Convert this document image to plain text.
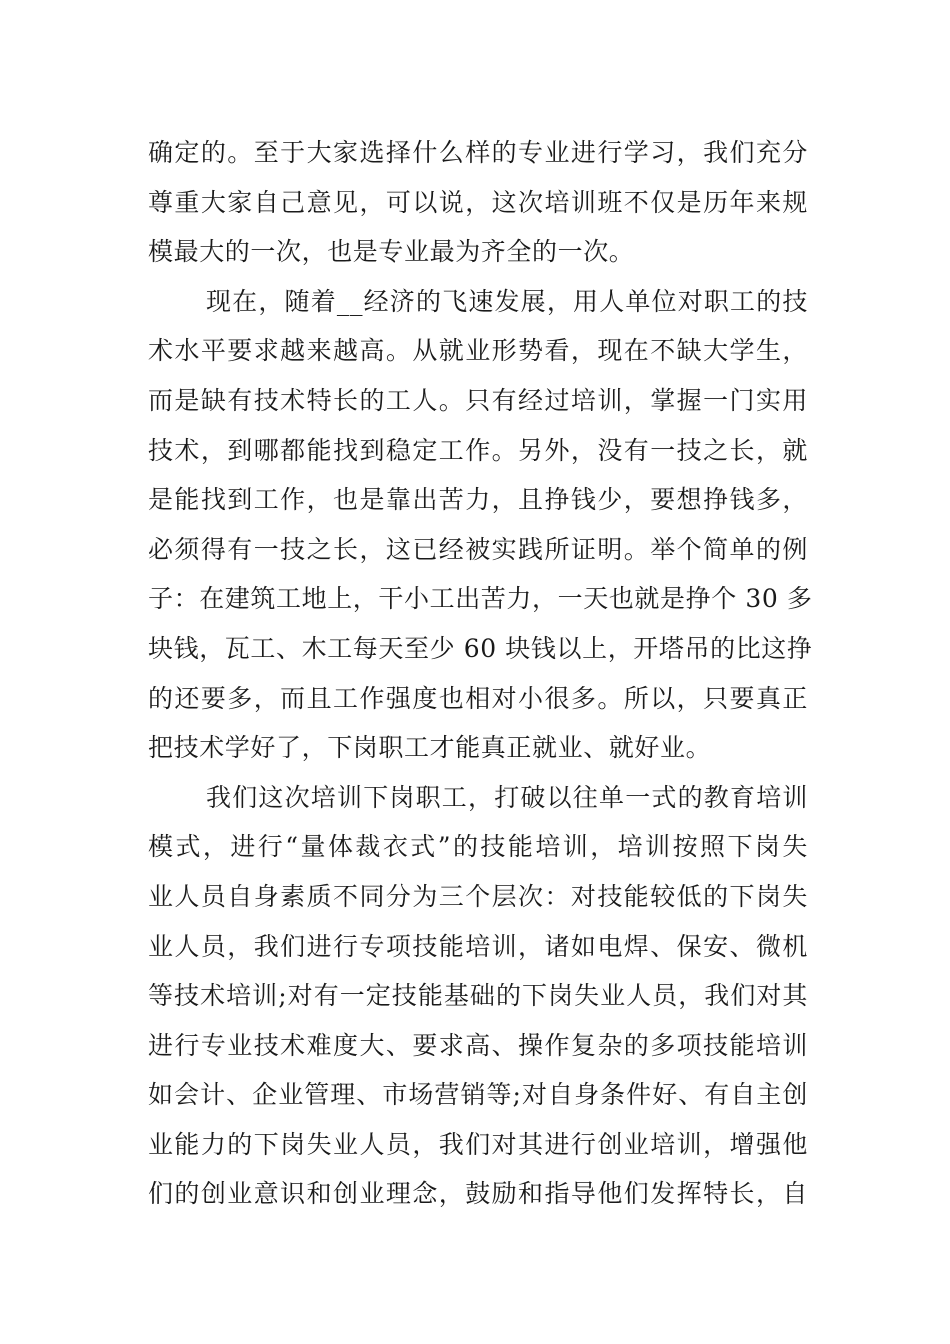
确定的。至于大家选择什么样的专业进行学习，我们充分
尊重大家自己意见，可以说，这次培训班不仅是历年来规
模最大的一次，也是专业最为齐全的一次。
现在，随着__经济的飞速发展，用人单位对职工的技
术水平要求越来越高。从就业形势看，现在不缺大学生，
而是缺有技术特长的工人。只有经过培训，掌握一门实用
技术，到哪都能找到稳定工作。另外，没有一技之长，就
是能找到工作，也是靠出苦力，且挣钱少，要想挣钱多，
必须得有一技之长，这已经被实践所证明。举个简单的例
子：在建筑工地上，干小工出苦力，一天也就是挣个 30 多
块钱，瓦工、木工每天至少 60 块钱以上，开塔吊的比这挣
的还要多，而且工作强度也相对小很多。所以，只要真正
把技术学好了，下岗职工才能真正就业、就好业。
我们这次培训下岗职工，打破以往单一式的教育培训
模式，进行“量体裁衣式”的技能培训，培训按照下岗失
业人员自身素质不同分为三个层次：对技能较低的下岗失
业人员，我们进行专项技能培训，诸如电焊、保安、微机
等技术培训;对有一定技能基础的下岗失业人员，我们对其
进行专业技术难度大、要求高、操作复杂的多项技能培训
如会计、企业管理、市场营销等;对自身条件好、有自主创
业能力的下岗失业人员，我们对其进行创业培训，增强他
们的创业意识和创业理念，鼓励和指导他们发挥特长，自
